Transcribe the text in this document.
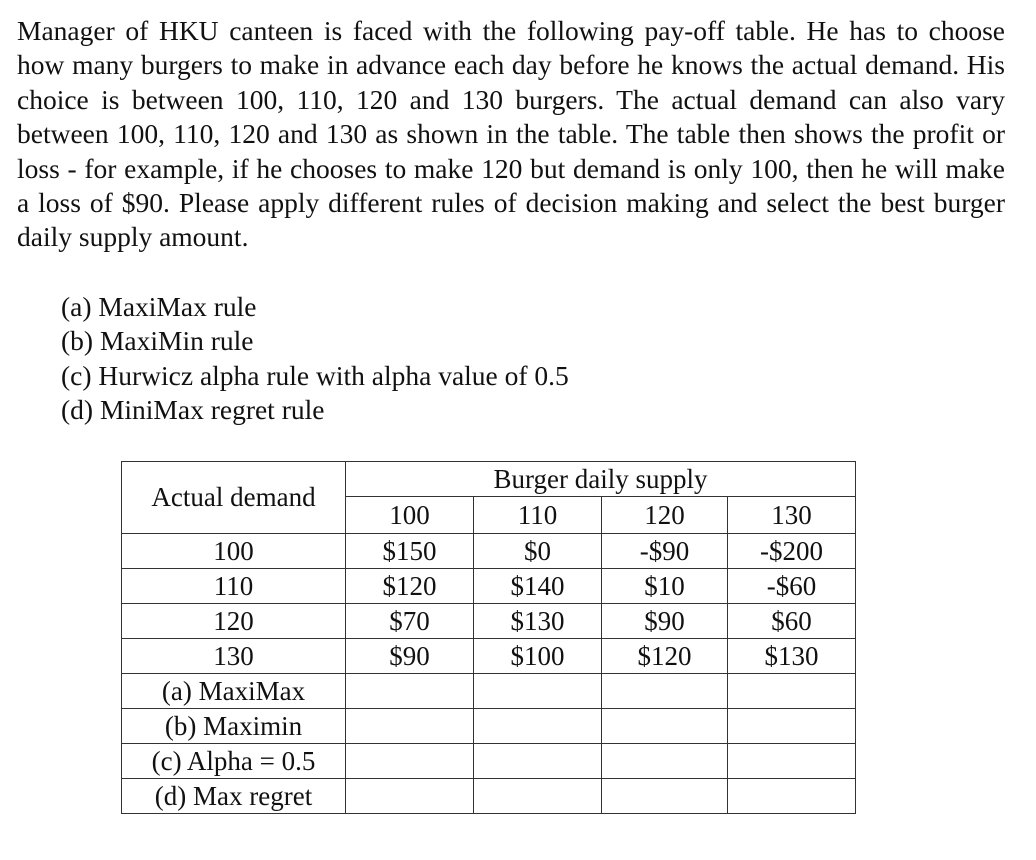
Manager of HKU canteen is faced with the following pay-off table. He has to choose how many burgers to make in advance each day before he knows the actual demand. His choice is between 100, 110, 120 and 130 burgers. The actual demand can also vary between 100, 110, 120 and 130 as shown in the table. The table then shows the profit or loss - for example, if he chooses to make 120 but demand is only 100, then he will make a loss of $90. Please apply different rules of decision making and select the best burger daily supply amount.

(a) MaxiMax rule
(b) MaxiMin rule
(c) Hurwicz alpha rule with alpha value of 0.5
(d) MiniMax regret rule
Actual demand	Burger daily supply			
	100	110	120	130
100	$150	$0	-$90	-$200
110	$120	$140	$10	-$60
120	$70	$130	$90	$60
130	$90	$100	$120	$130
(a) MaxiMax				
(b) Maximin				
(c) Alpha = 0.5				
(d) Max regret				
